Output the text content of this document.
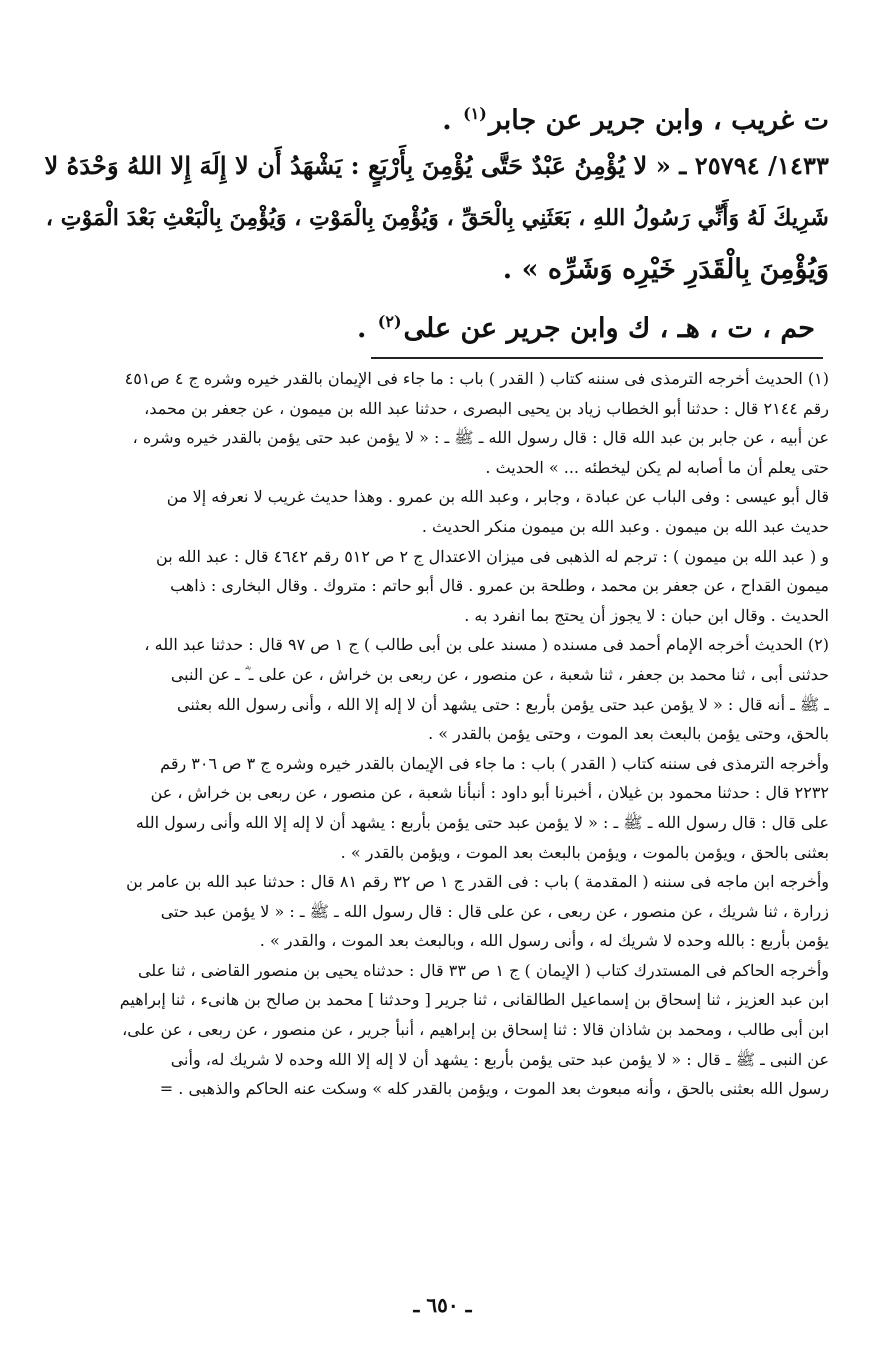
ت غريب ، وابن جرير عن جابر$^{(١)}$ .
١٤٣٣/ ٢٥٧٩٤ ـ « لا يُؤْمِنُ عَبْدٌ حَتَّى يُؤْمِنَ بِأَرْبَعٍ : يَشْهَدُ أَن لا إِلَهَ إِلا اللهُ وَحْدَهُ لا
شَرِيكَ لَهُ وَأَنِّي رَسُولُ اللهِ ، بَعَثَنِي بِالْحَقِّ ، وَيُؤْمِنَ بِالْمَوْتِ ، وَيُؤْمِنَ بِالْبَعْثِ بَعْدَ الْمَوْتِ ،
وَيُؤْمِنَ بِالْقَدَرِ خَيْرِه وَشَرِّه » .
حم ، ت ، هـ ، ك وابن جرير عن على$^{(٢)}$ .
(١) الحديث أخرجه الترمذى فى سننه كتاب ( القدر ) باب : ما جاء فى الإيمان بالقدر خيره وشره ج ٤ ص٤٥١
رقم ٢١٤٤ قال : حدثنا أبو الخطاب زياد بن يحيى البصرى ، حدثنا عبد الله بن ميمون ، عن جعفر بن محمد،
عن أبيه ، عن جابر بن عبد الله قال : قال رسول الله ـ ﷺ ـ : « لا يؤمن عبد حتى يؤمن بالقدر خيره وشره ،
حتى يعلم أن ما أصابه لم يكن ليخطئه ... » الحديث .
قال أبو عيسى : وفى الباب عن عبادة ، وجابر ، وعبد الله بن عمرو . وهذا حديث غريب لا نعرفه إلا من
حديث عبد الله بن ميمون . وعبد الله بن ميمون منكر الحديث .
و ( عبد الله بن ميمون ) : ترجم له الذهبى فى ميزان الاعتدال ج ٢ ص ٥١٢ رقم ٤٦٤٢ قال : عبد الله بن
ميمون القداح ، عن جعفر بن محمد ، وطلحة بن عمرو . قال أبو حاتم : متروك . وقال البخارى : ذاهب
الحديث . وقال ابن حبان : لا يجوز أن يحتج بما انفرد به .
(٢) الحديث أخرجه الإمام أحمد فى مسنده ( مسند على بن أبى طالب ) ج ١ ص ٩٧ قال : حدثنا عبد الله ،
حدثنى أبى ، ثنا محمد بن جعفر ، ثنا شعبة ، عن منصور ، عن ربعى بن خراش ، عن على ـ ؓ ـ عن النبى
ـ ﷺ ـ أنه قال : « لا يؤمن عبد حتى يؤمن بأربع : حتى يشهد أن لا إله إلا الله ، وأنى رسول الله بعثنى
بالحق، وحتى يؤمن بالبعث بعد الموت ، وحتى يؤمن بالقدر » .
وأخرجه الترمذى فى سننه كتاب ( القدر ) باب : ما جاء فى الإيمان بالقدر خيره وشره ج ٣ ص ٣٠٦ رقم
٢٢٣٢ قال : حدثنا محمود بن غيلان ، أخبرنا أبو داود : أنبأنا شعبة ، عن منصور ، عن ربعى بن خراش ، عن
على قال : قال رسول الله ـ ﷺ ـ : « لا يؤمن عبد حتى يؤمن بأربع : يشهد أن لا إله إلا الله وأنى رسول الله
بعثنى بالحق ، ويؤمن بالموت ، ويؤمن بالبعث بعد الموت ، ويؤمن بالقدر » .
وأخرجه ابن ماجه فى سننه ( المقدمة ) باب : فى القدر ج ١ ص ٣٢ رقم ٨١ قال : حدثنا عبد الله بن عامر بن
زرارة ، ثنا شريك ، عن منصور ، عن ربعى ، عن على قال : قال رسول الله ـ ﷺ ـ : « لا يؤمن عبد حتى
يؤمن بأربع : بالله وحده لا شريك له ، وأنى رسول الله ، وبالبعث بعد الموت ، والقدر » .
وأخرجه الحاكم فى المستدرك كتاب ( الإيمان ) ج ١ ص ٣٣ قال : حدثناه يحيى بن منصور القاضى ، ثنا على
ابن عبد العزيز ، ثنا إسحاق بن إسماعيل الطالقانى ، ثنا جرير [ وحدثنا ] محمد بن صالح بن هانىء ، ثنا إبراهيم
ابن أبى طالب ، ومحمد بن شاذان قالا : ثنا إسحاق بن إبراهيم ، أنبأ جرير ، عن منصور ، عن ربعى ، عن على،
عن النبى ـ ﷺ ـ قال : « لا يؤمن عبد حتى يؤمن بأربع : يشهد أن لا إله إلا الله وحده لا شريك له، وأنى
رسول الله بعثنى بالحق ، وأنه مبعوث بعد الموت ، ويؤمن بالقدر كله » وسكت عنه الحاكم والذهبى . =
ـ ٦٥٠ ـ
